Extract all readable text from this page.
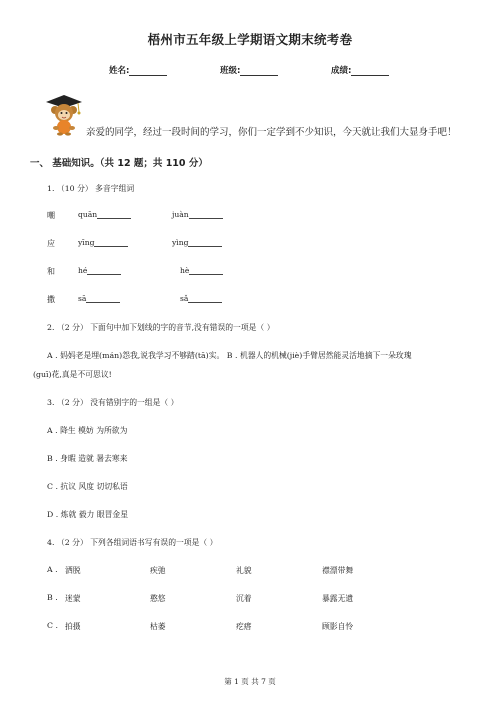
梧州市五年级上学期语文期末统考卷
姓名:	班级:	成绩:
亲爱的同学，经过一段时间的学习，你们一定学到不少知识，今天就让我们大显身手吧！
一、 基础知识。（共 12 题；共 110 分）
1. （10 分） 多音字组词
嘲	quān	juàn
应	yīng	yìng
和	hé	hè
撒	sā	sǎ
2. （2 分） 下面句中加下划线的字的音节,没有错误的一项是（ ）
A . 妈妈老是埋(mán)怨我,说我学习不够踏(tā)实。 B . 机器人的机械(jiè)手臂居然能灵活地摘下一朵玫瑰
(guī)花,真是不可思议!
3. （2 分） 没有错别字的一组是（ ）
A . 降生 模妨 为所欲为
B . 身暇 造就 暑去寒来
C . 抗议 风度 切切私语
D . 炼就 毅力 眼冒金星
4. （2 分） 下列各组词语书写有误的一项是（ ）
A . 洒脱	疾弛	礼貌	襟漂带舞
B . 迷蒙	憨悠	沉着	暴露无遗
C . 拍摄	枯萎	疙瘩	顾影自怜
第 1 页 共 7 页
